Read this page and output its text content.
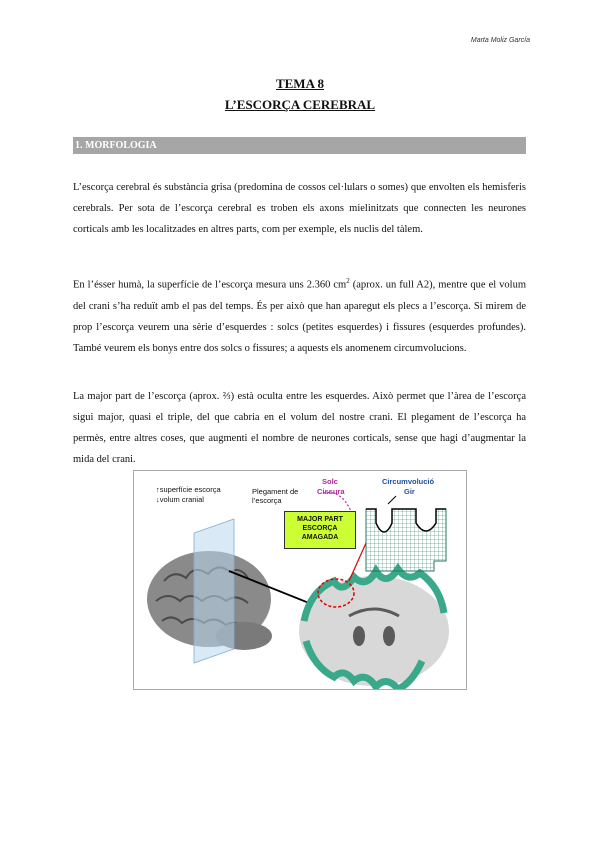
Marta Moliz García
TEMA 8
L’ESCORÇA CEREBRAL
1. MORFOLOGIA

L’escorça cerebral és substància grisa (predomina de cossos cel·lulars o somes) que envolten els hemisferis cerebrals. Per sota de l’escorça cerebral es troben els axons mielinitzats que connecten les neurones corticals amb les localitzades en altres parts, com per exemple, els nuclis del tàlem.

En l’ésser humà, la superfície de l’escorça mesura uns 2.360 $cm^2$ (aprox. un full A2), mentre que el volum del crani s’ha reduït amb el pas del temps. És per això que han aparegut els plecs a l’escorça. Si mirem de prop l’escorça veurem una sèrie d’esquerdes : solcs (petites esquerdes) i fissures (esquerdes profundes). També veurem els bonys entre dos solcs o fissures; a aquests els anomenem circumvolucions.

La major part de l’escorça (aprox. ⅔) està oculta entre les esquerdes. Això permet que l’àrea de l’escorça sigui major, quasi el triple, del que cabria en el volum del nostre crani. El plegament de l’escorça ha permès, entre altres coses, que augmenti el nombre de neurones corticals, sense que hagi d’augmentar la mida del crani.

↑superfície escorça
↓volum cranial
Plegament de l’escorça
Solc
Cissura
Circumvolució
Gir
MAJOR PART ESCORÇA AMAGADA
